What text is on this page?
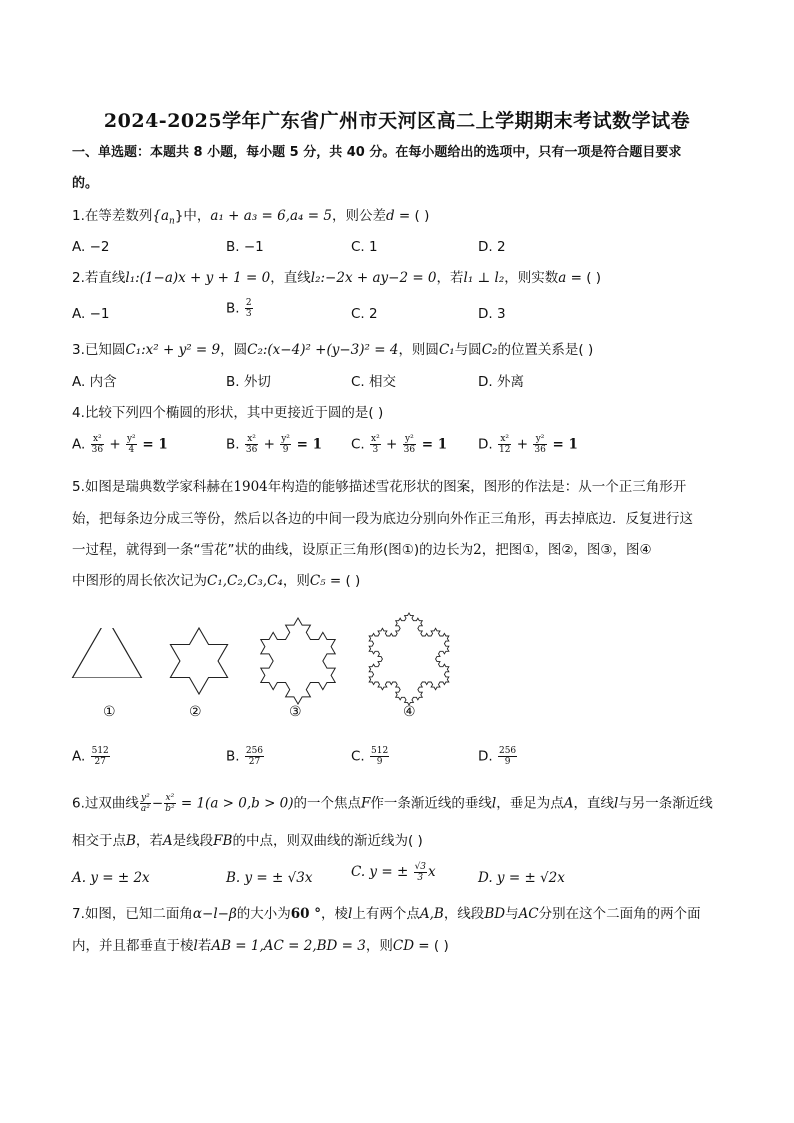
2024-2025学年广东省广州市天河区高二上学期期末考试数学试卷
一、单选题：本题共 8 小题，每小题 5 分，共 40 分。在每小题给出的选项中，只有一项是符合题目要求
的。
1.在等差数列$\{a_n\}$中，a₁ + a₃ = 6,a₄ = 5，则公差d = ( )
A. −2	B. −1	C. 1	D. 2
2.若直线l₁:(1−a)x + y + 1 = 0，直线l₂:−2x + ay−2 = 0，若l₁ ⊥ l₂，则实数a = ( )
A. −1	B. $\frac{2}{3}$	C. 2	D. 3
3.已知圆C₁:x² + y² = 9，圆C₂:(x−4)² +(y−3)² = 4，则圆C₁与圆C₂的位置关系是( )
A. 内含	B. 外切	C. 相交	D. 外离
4.比较下列四个椭圆的形状，其中更接近于圆的是( )
A. $\frac{\text{x²}}{36} + \frac{\text{y²}}{4} = 1$	B. $\frac{\text{x²}}{36} + \frac{\text{y²}}{9} = 1$ C. $\frac{\text{x²}}{3} + \frac{\text{y²}}{36} = 1$ D. $\frac{\text{x²}}{12} + \frac{\text{y²}}{36} = 1$
5.如图是瑞典数学家科赫在1904年构造的能够描述雪花形状的图案，图形的作法是：从一个正三角形开
始，把每条边分成三等份，然后以各边的中间一段为底边分别向外作正三角形，再去掉底边．反复进行这
一过程，就得到一条“雪花”状的曲线，设原正三角形(图①)的边长为2，把图①，图②，图③，图④
中图形的周长依次记为C₁,C₂,C₃,C₄，则C₅ = ( )
①	②	③	④
A. $\frac{512}{27}$	B. $\frac{256}{27}$	C. $\frac{512}{9}$	D. $\frac{256}{9}$
6.过双曲线 $\frac{\text{y²}}{\text{a²}} - \frac{\text{x²}}{\text{b²}} = 1(a > 0,b > 0)$的一个焦点F作一条渐近线的垂线l，垂足为点A，直线l与另一条渐近线
相交于点B，若A是线段FB的中点，则双曲线的渐近线为( )
A. y = ± 2x	B. y = ± √3x	C. y = ± $\frac{√3}{3}$ x	D. y = ± √2x
7.如图，已知二面角α−l−β的大小为60 °，棱l上有两个点A,B，线段BD与AC分别在这个二面角的两个面
内，并且都垂直于棱l若AB = 1,AC = 2,BD = 3，则CD = ( )
